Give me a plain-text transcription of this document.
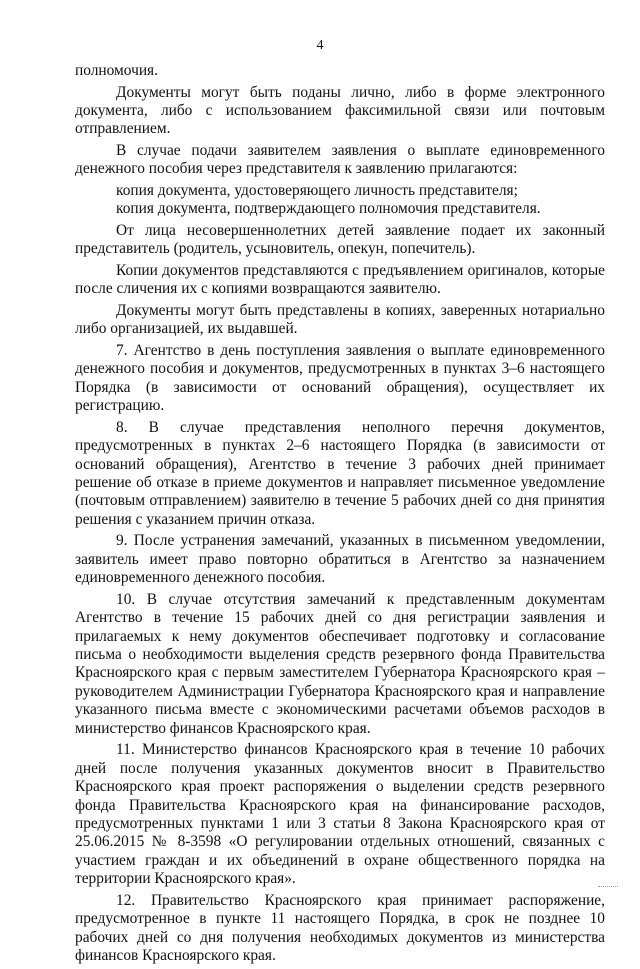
4

полномочия.

Документы могут быть поданы лично, либо в форме электронного документа, либо с использованием факсимильной связи или почтовым отправлением.

В случае подачи заявителем заявления о выплате единовременного денежного пособия через представителя к заявлению прилагаются:

копия документа, удостоверяющего личность представителя;

копия документа, подтверждающего полномочия представителя.

От лица несовершеннолетних детей заявление подает их законный представитель (родитель, усыновитель, опекун, попечитель).

Копии документов представляются с предъявлением оригиналов, которые после сличения их с копиями возвращаются заявителю.

Документы могут быть представлены в копиях, заверенных нотариально либо организацией, их выдавшей.

7. Агентство в день поступления заявления о выплате единовременного денежного пособия и документов, предусмотренных в пунктах 3–6 настоящего Порядка (в зависимости от оснований обращения), осуществляет их регистрацию.

8. В случае представления неполного перечня документов, предусмотренных в пунктах 2–6 настоящего Порядка (в зависимости от оснований обращения), Агентство в течение 3 рабочих дней принимает решение об отказе в приеме документов и направляет письменное уведомление (почтовым отправлением) заявителю в течение 5 рабочих дней со дня принятия решения с указанием причин отказа.

9. После устранения замечаний, указанных в письменном уведомлении, заявитель имеет право повторно обратиться в Агентство за назначением единовременного денежного пособия.

10. В случае отсутствия замечаний к представленным документам Агентство в течение 15 рабочих дней со дня регистрации заявления и прилагаемых к нему документов обеспечивает подготовку и согласование письма о необходимости выделения средств резервного фонда Правительства Красноярского края с первым заместителем Губернатора Красноярского края – руководителем Администрации Губернатора Красноярского края и направление указанного письма вместе с экономическими расчетами объемов расходов в министерство финансов Красноярского края.

11. Министерство финансов Красноярского края в течение 10 рабочих дней после получения указанных документов вносит в Правительство Красноярского края проект распоряжения о выделении средств резервного фонда Правительства Красноярского края на финансирование расходов, предусмотренных пунктами 1 или 3 статьи 8 Закона Красноярского края от 25.06.2015 № 8-3598 «О регулировании отдельных отношений, связанных с участием граждан и их объединений в охране общественного порядка на территории Красноярского края».

12. Правительство Красноярского края принимает распоряжение, предусмотренное в пункте 11 настоящего Порядка, в срок не позднее 10 рабочих дней со дня получения необходимых документов из министерства финансов Красноярского края.
